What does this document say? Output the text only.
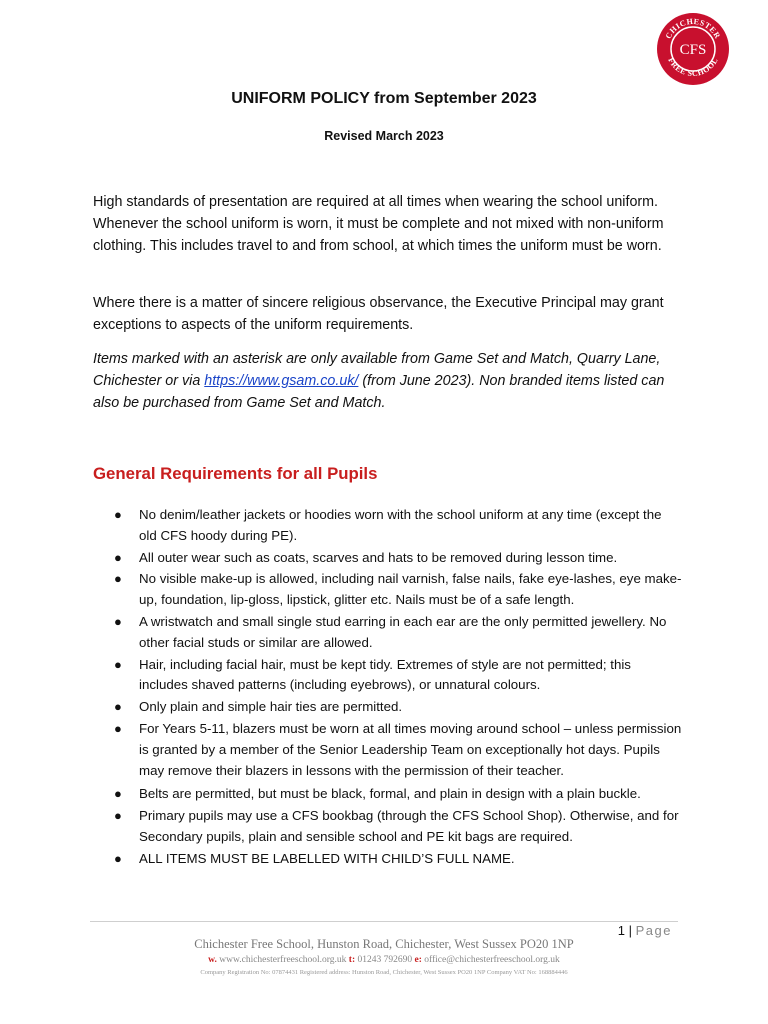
CHICHESTER
FREE SCHOOL
CFS
UNIFORM POLICY from September 2023

Revised March 2023

High standards of presentation are required at all times when wearing the school uniform. Whenever the school uniform is worn, it must be complete and not mixed with non-uniform clothing. This includes travel to and from school, at which times the uniform must be worn.

Where there is a matter of sincere religious observance, the Executive Principal may grant exceptions to aspects of the uniform requirements.

Items marked with an asterisk are only available from Game Set and Match, Quarry Lane, Chichester or via https://www.gsam.co.uk/ (from June 2023). Non branded items listed can also be purchased from Game Set and Match.

General Requirements for all Pupils
● No denim/leather jackets or hoodies worn with the school uniform at any time (except the old CFS hoody during PE).
● All outer wear such as coats, scarves and hats to be removed during lesson time.
● No visible make-up is allowed, including nail varnish, false nails, fake eye-lashes, eye make-up, foundation, lip-gloss, lipstick, glitter etc. Nails must be of a safe length.
● A wristwatch and small single stud earring in each ear are the only permitted jewellery. No other facial studs or similar are allowed.
● Hair, including facial hair, must be kept tidy. Extremes of style are not permitted; this includes shaved patterns (including eyebrows), or unnatural colours.
● Only plain and simple hair ties are permitted.
● For Years 5-11, blazers must be worn at all times moving around school – unless permission is granted by a member of the Senior Leadership Team on exceptionally hot days. Pupils may remove their blazers in lessons with the permission of their teacher.
● Belts are permitted, but must be black, formal, and plain in design with a plain buckle.
● Primary pupils may use a CFS bookbag (through the CFS School Shop). Otherwise, and for Secondary pupils, plain and sensible school and PE kit bags are required.
● ALL ITEMS MUST BE LABELLED WITH CHILD’S FULL NAME.
1 | Page

Chichester Free School, Hunston Road, Chichester, West Sussex PO20 1NP

w. www.chichesterfreeschool.org.uk t: 01243 792690 e: office@chichesterfreeschool.org.uk

Company Registration No: 07874431 Registered address: Hunston Road, Chichester, West Sussex PO20 1NP Company VAT No: 168884446
